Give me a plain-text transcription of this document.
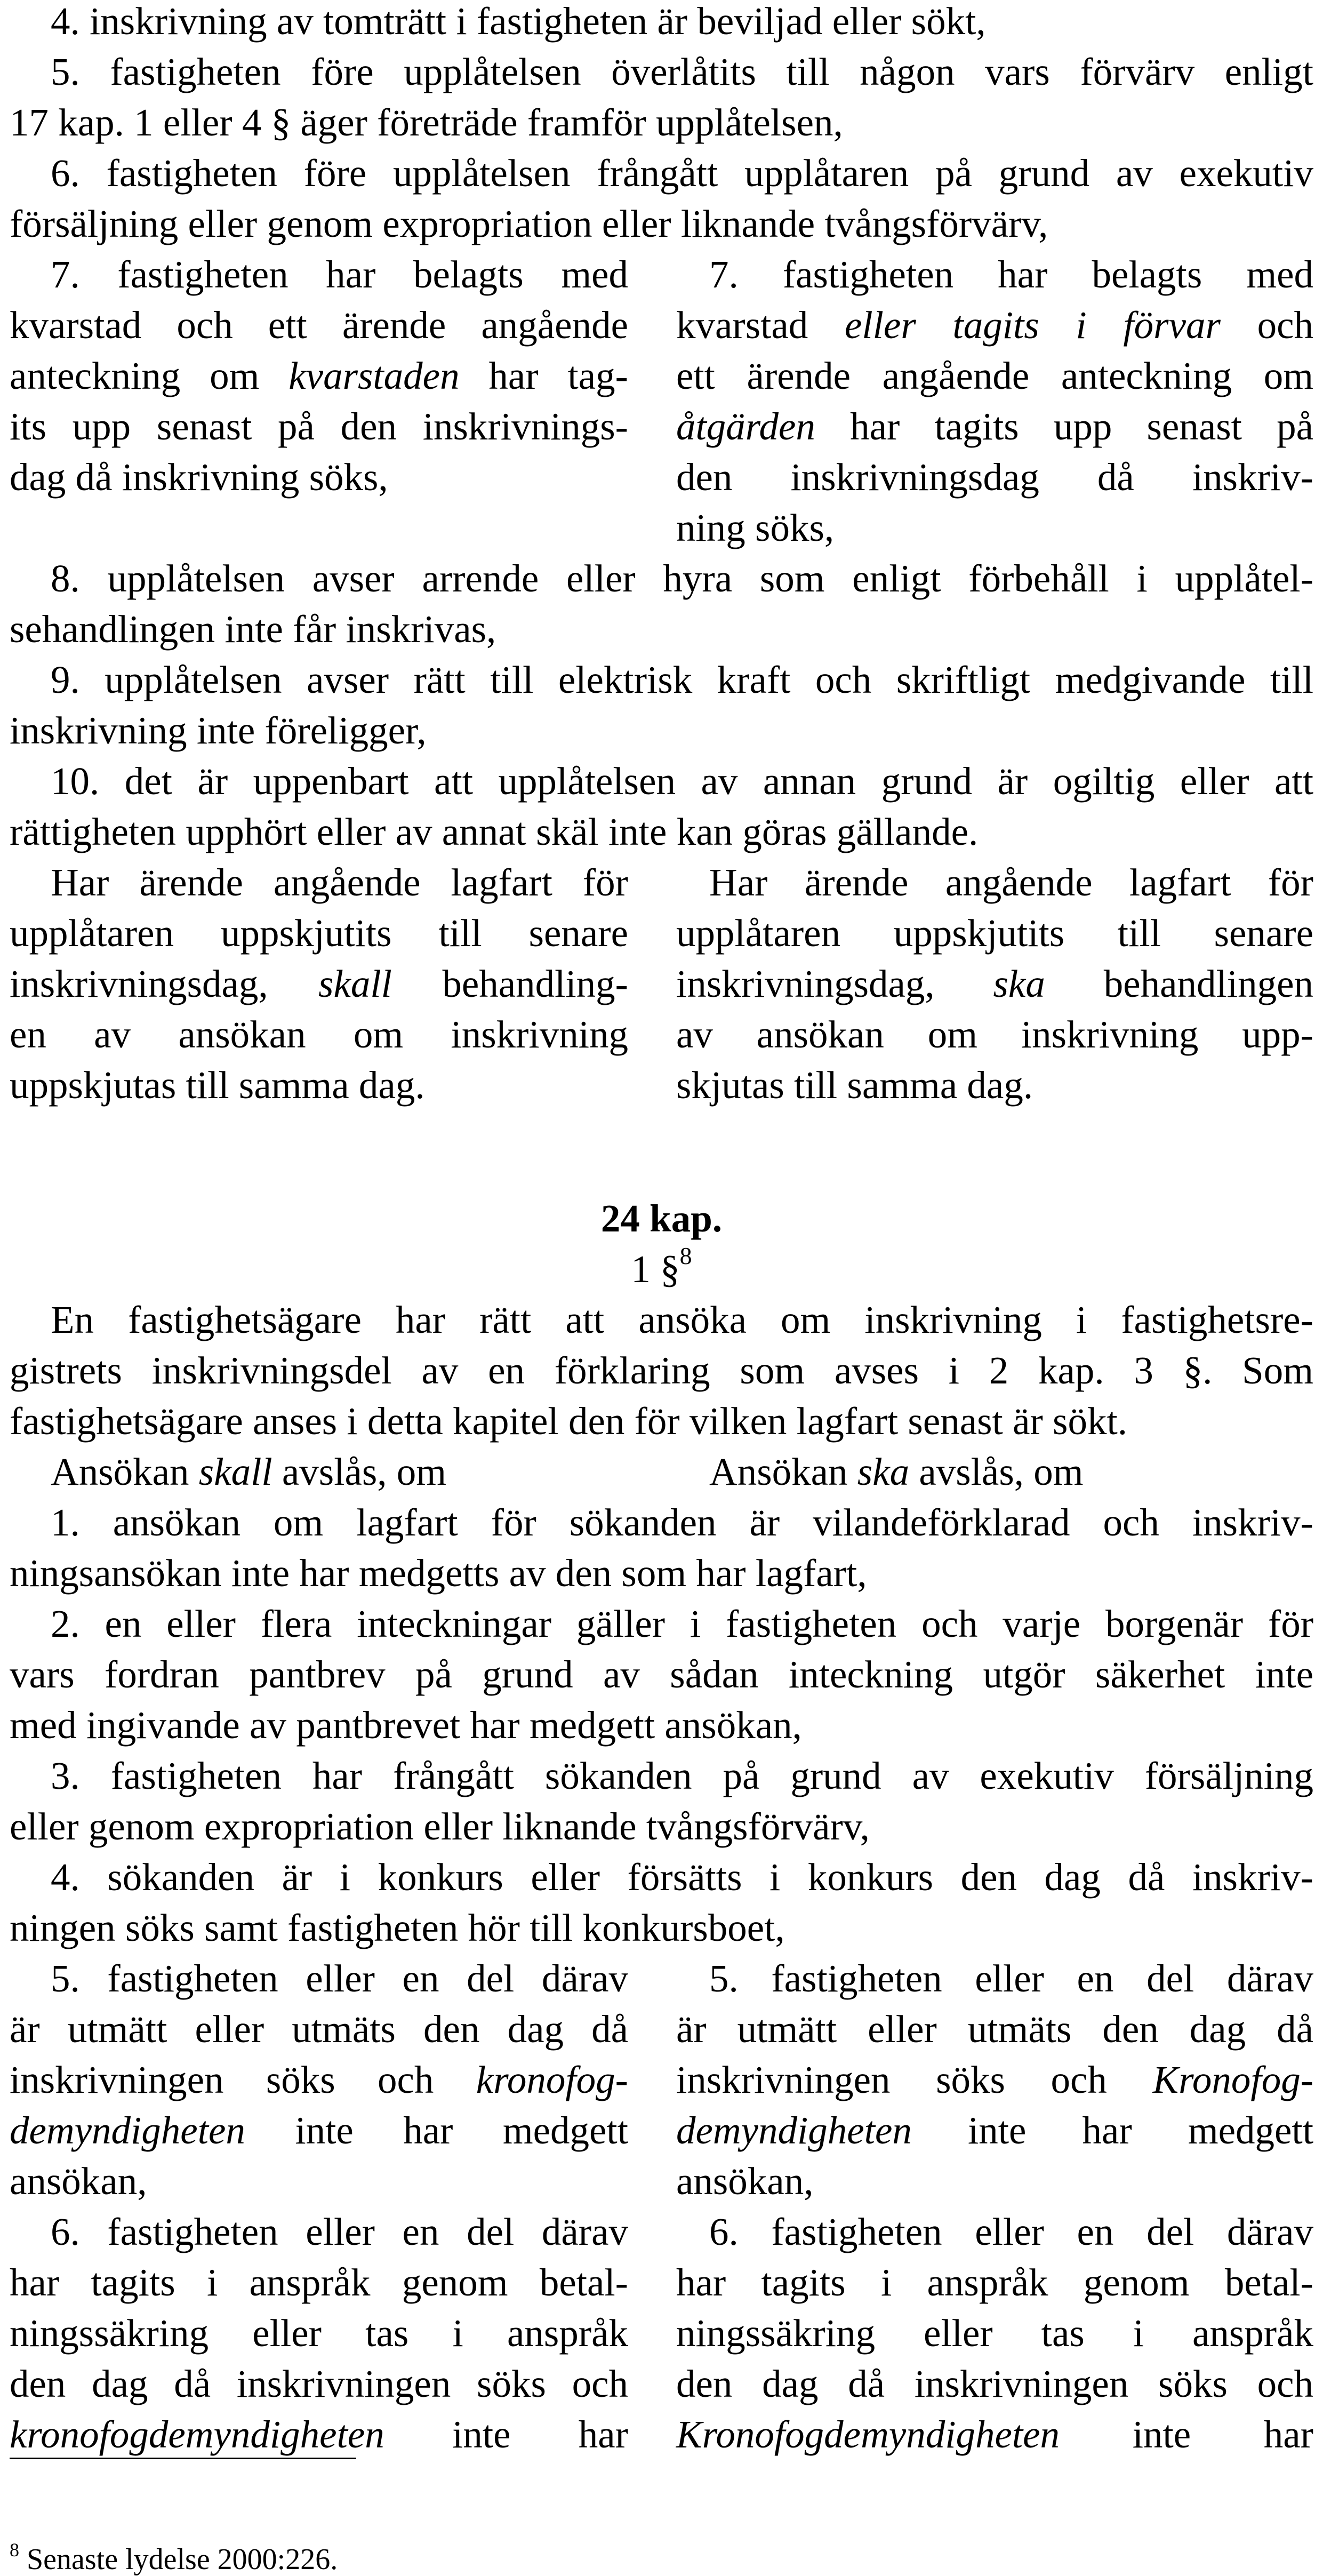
4. inskrivning av tomträtt i fastigheten är beviljad eller sökt,

5. fastigheten före upplåtelsen överlåtits till någon vars förvärv enligt

17 kap. 1 eller 4 § äger företräde framför upplåtelsen,

6. fastigheten före upplåtelsen frångått upplåtaren på grund av exekutiv

försäljning eller genom expropriation eller liknande tvångsförvärv,

7. fastigheten har belagts med

kvarstad och ett ärende angående

anteckning om kvarstaden har tag-

its upp senast på den inskrivnings-

dag då inskrivning söks,

7. fastigheten har belagts med

kvarstad eller tagits i förvar och

ett ärende angående anteckning om

åtgärden har tagits upp senast på

den inskrivningsdag då inskriv-

ning söks,

8. upplåtelsen avser arrende eller hyra som enligt förbehåll i upplåtel-

sehandlingen inte får inskrivas,

9. upplåtelsen avser rätt till elektrisk kraft och skriftligt medgivande till

inskrivning inte föreligger,

10. det är uppenbart att upplåtelsen av annan grund är ogiltig eller att

rättigheten upphört eller av annat skäl inte kan göras gällande.

Har ärende angående lagfart för

upplåtaren uppskjutits till senare

inskrivningsdag, skall behandling-

en av ansökan om inskrivning

uppskjutas till samma dag.

Har ärende angående lagfart för

upplåtaren uppskjutits till senare

inskrivningsdag, ska behandlingen

av ansökan om inskrivning upp-

skjutas till samma dag.

24 kap.

1 §$^8$

En fastighetsägare har rätt att ansöka om inskrivning i fastighetsre-

gistrets inskrivningsdel av en förklaring som avses i 2 kap. 3 §. Som

fastighetsägare anses i detta kapitel den för vilken lagfart senast är sökt.

Ansökan skall avslås, om	Ansökan ska avslås, om

1. ansökan om lagfart för sökanden är vilandeförklarad och inskriv-

ningsansökan inte har medgetts av den som har lagfart,

2. en eller flera inteckningar gäller i fastigheten och varje borgenär för

vars fordran pantbrev på grund av sådan inteckning utgör säkerhet inte

med ingivande av pantbrevet har medgett ansökan,

3. fastigheten har frångått sökanden på grund av exekutiv försäljning

eller genom expropriation eller liknande tvångsförvärv,

4. sökanden är i konkurs eller försätts i konkurs den dag då inskriv-

ningen söks samt fastigheten hör till konkursboet,

5. fastigheten eller en del därav

är utmätt eller utmäts den dag då

inskrivningen söks och kronofog-

demyndigheten inte har medgett

ansökan,

5. fastigheten eller en del därav

är utmätt eller utmäts den dag då

inskrivningen söks och Kronofog-

demyndigheten inte har medgett

ansökan,

6. fastigheten eller en del därav

har tagits i anspråk genom betal-

ningssäkring eller tas i anspråk

den dag då inskrivningen söks och

kronofogdemyndigheten inte har

6. fastigheten eller en del därav

har tagits i anspråk genom betal-

ningssäkring eller tas i anspråk

den dag då inskrivningen söks och

Kronofogdemyndigheten inte har

$^8$ Senaste lydelse 2000:226.
